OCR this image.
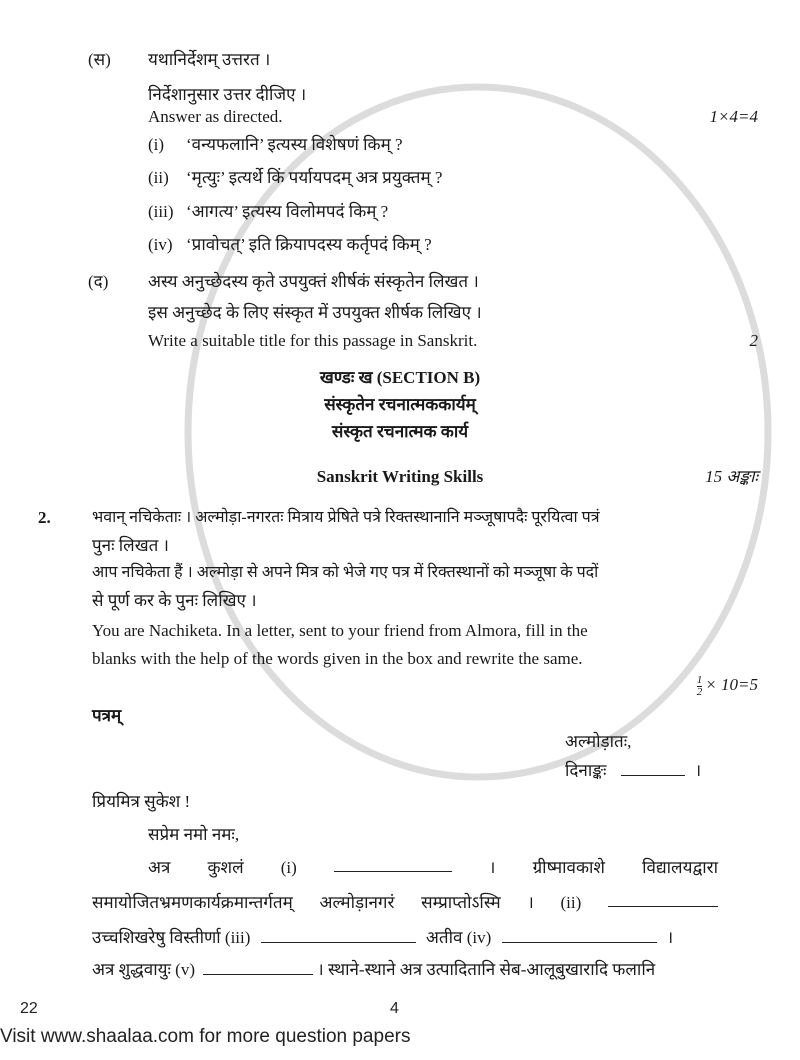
(स) यथानिर्देशम् उत्तरत ।
निर्देशानुसार उत्तर दीजिए ।
Answer as directed.	1×4=4
(i) ‘वन्यफलानि’ इत्यस्य विशेषणं किम् ?
(ii) ‘मृत्युः’ इत्यर्थे किं पर्यायपदम् अत्र प्रयुक्तम् ?
(iii) ‘आगत्य’ इत्यस्य विलोमपदं किम् ?
(iv) ‘प्रावोचत्’ इति क्रियापदस्य कर्तृपदं किम् ?
(द) अस्य अनुच्छेदस्य कृते उपयुक्तं शीर्षकं संस्कृतेन लिखत ।
इस अनुच्छेद के लिए संस्कृत में उपयुक्त शीर्षक लिखिए ।
Write a suitable title for this passage in Sanskrit.	2
खण्डः ख (SECTION B)
संस्कृतेन रचनात्मककार्यम्
संस्कृत रचनात्मक कार्य
Sanskrit Writing Skills	15 अङ्काः
2.	भवान् नचिकेताः । अल्मोड़ा-नगरतः मित्राय प्रेषिते पत्रे रिक्तस्थानानि मञ्जूषापदैः पूरयित्वा पत्रं
पुनः लिखत ।
आप नचिकेता हैं । अल्मोड़ा से अपने मित्र को भेजे गए पत्र में रिक्तस्थानों को मञ्जूषा के पदों
से पूर्ण कर के पुनः लिखिए ।
You are Nachiketa. In a letter, sent to your friend from Almora, fill in the
blanks with the help of the words given in the box and rewrite the same.
$\frac{1}{2} \times 10=5$
पत्रम्
अल्मोड़ातः,
दिनाङ्कः	।
प्रियमित्र सुकेश !
सप्रेम नमो नमः,
अत्र कुशलं (i)	। ग्रीष्मावकाशे विद्यालयद्वारा
समायोजितभ्रमणकार्यक्रमान्तर्गतम् अल्मोड़ानगरं सम्प्राप्तोऽस्मि । (ii)
उच्चशिखरेषु विस्तीर्णा (iii)	अतीव (iv)	।
अत्र शुद्धवायुः (v)	। स्थाने-स्थाने अत्र उत्पादितानि सेब-आलूबुखारादि फलानि
22	4
Visit www.shaalaa.com for more question papers
